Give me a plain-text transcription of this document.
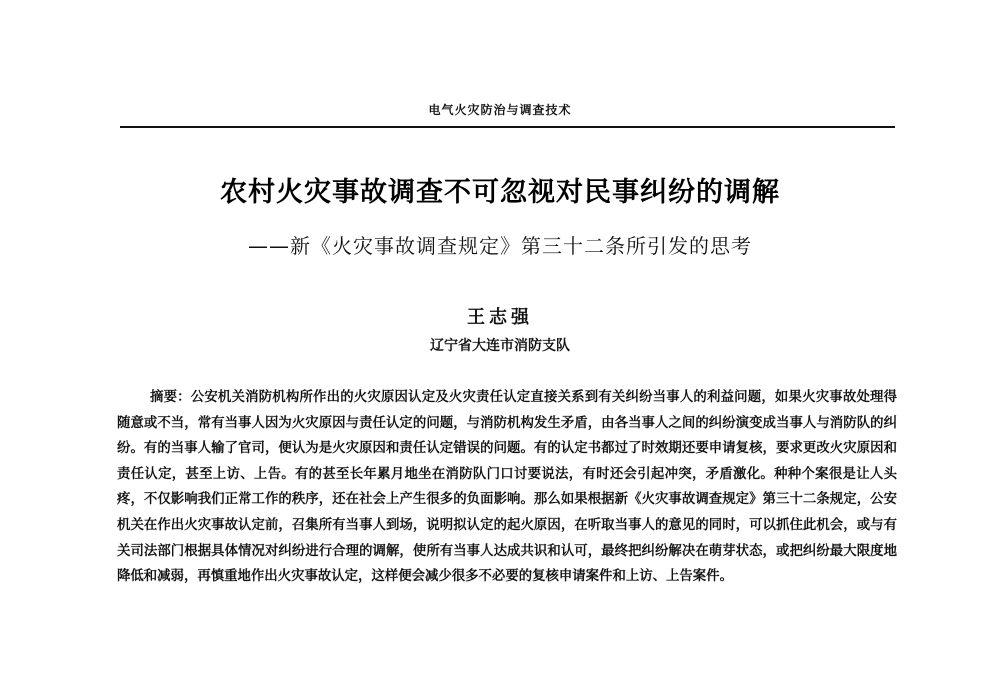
电气火灾防治与调查技术
农村火灾事故调查不可忽视对民事纠纷的调解
——新《火灾事故调查规定》第三十二条所引发的思考
王志强
辽宁省大连市消防支队

摘要：公安机关消防机构所作出的火灾原因认定及火灾责任认定直接关系到有关纠纷当事人的利益问题，如果火灾事故处理得随意或不当，常有当事人因为火灾原因与责任认定的问题，与消防机构发生矛盾，由各当事人之间的纠纷演变成当事人与消防队的纠纷。有的当事人输了官司，便认为是火灾原因和责任认定错误的问题。有的认定书都过了时效期还要申请复核，要求更改火灾原因和责任认定，甚至上访、上告。有的甚至长年累月地坐在消防队门口讨要说法，有时还会引起冲突，矛盾激化。种种个案很是让人头疼，不仅影响我们正常工作的秩序，还在社会上产生很多的负面影响。那么如果根据新《火灾事故调查规定》第三十二条规定，公安机关在作出火灾事故认定前，召集所有当事人到场，说明拟认定的起火原因，在听取当事人的意见的同时，可以抓住此机会，或与有关司法部门根据具体情况对纠纷进行合理的调解，使所有当事人达成共识和认可，最终把纠纷解决在萌芽状态，或把纠纷最大限度地降低和减弱，再慎重地作出火灾事故认定，这样便会减少很多不必要的复核申请案件和上访、上告案件。
